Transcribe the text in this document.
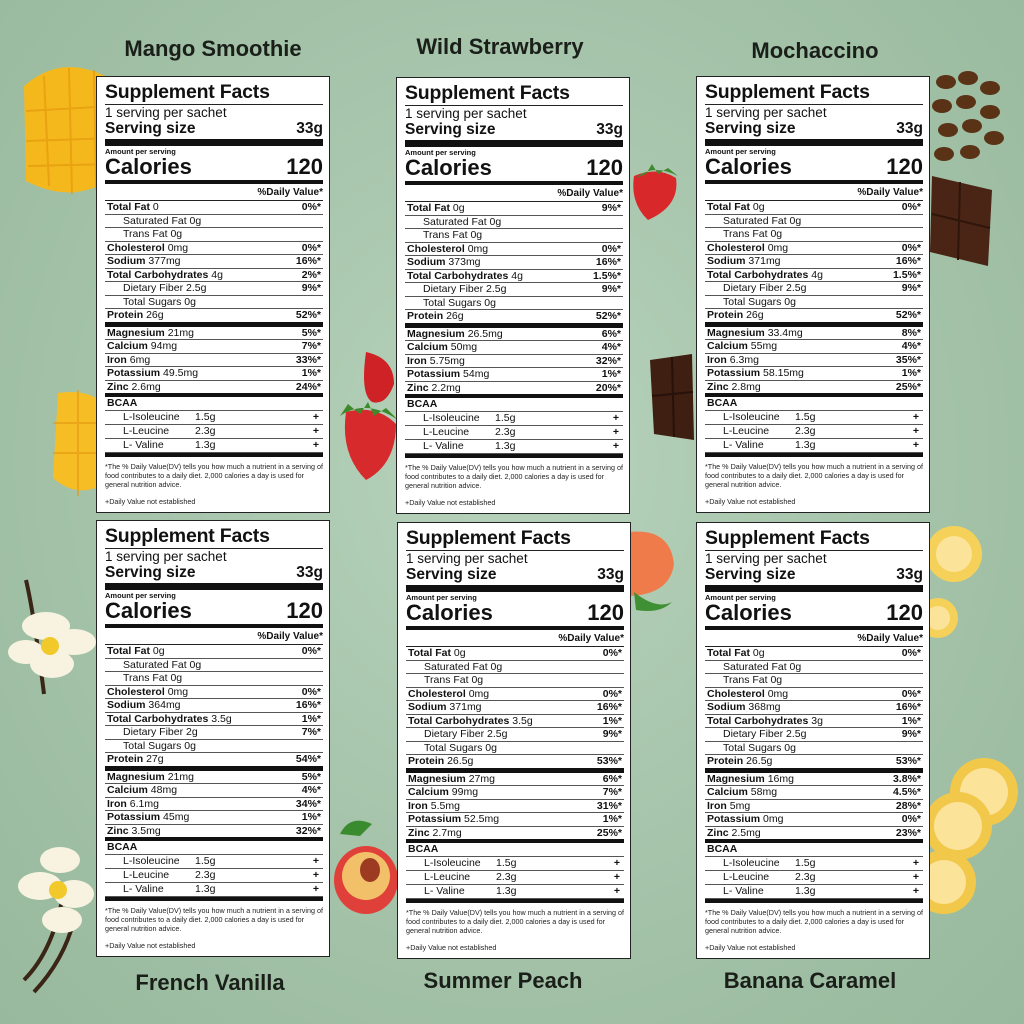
Mango Smoothie	Wild Strawberry	Mochaccino
French Vanilla	Summer Peach	Banana Caramel
Supplement Facts
1 serving per sachet
Serving size	33g
Amount per serving
Calories	120
%Daily Value*
Total Fat 0	0%*
Saturated Fat 0g
Trans Fat 0g
Cholesterol 0mg	0%*
Sodium 377mg	16%*
Total Carbohydrates 4g	2%*
Dietary Fiber 2.5g	9%*
Total Sugars 0g
Protein 26g	52%*
Magnesium 21mg	5%*
Calcium 94mg	7%*
Iron 6mg	33%*
Potassium 49.5mg	1%*
Zinc 2.6mg	24%*
BCAA
L-Isoleucine	1.5g	+
L-Leucine	2.3g	+
L- Valine	1.3g	+
*The % Daily Value(DV) tells you how much a nutrient in a serving of food contributes to a daily diet. 2,000 calories a day is used for general nutrition advice.
+Daily Value not established
Supplement Facts
1 serving per sachet
Serving size	33g
Amount per serving
Calories	120
%Daily Value*
Total Fat 0g	9%*
Saturated Fat 0g
Trans Fat 0g
Cholesterol 0mg	0%*
Sodium 373mg	16%*
Total Carbohydrates 4g	1.5%*
Dietary Fiber 2.5g	9%*
Total Sugars 0g
Protein 26g	52%*
Magnesium 26.5mg	6%*
Calcium 50mg	4%*
Iron 5.75mg	32%*
Potassium 54mg	1%*
Zinc 2.2mg	20%*
BCAA
L-Isoleucine	1.5g	+
L-Leucine	2.3g	+
L- Valine	1.3g	+
*The % Daily Value(DV) tells you how much a nutrient in a serving of food contributes to a daily diet. 2,000 calories a day is used for general nutrition advice.
+Daily Value not established
Supplement Facts
1 serving per sachet
Serving size	33g
Amount per serving
Calories	120
%Daily Value*
Total Fat 0g	0%*
Saturated Fat 0g
Trans Fat 0g
Cholesterol 0mg	0%*
Sodium 371mg	16%*
Total Carbohydrates 4g	1.5%*
Dietary Fiber 2.5g	9%*
Total Sugars 0g
Protein 26g	52%*
Magnesium 33.4mg	8%*
Calcium 55mg	4%*
Iron 6.3mg	35%*
Potassium 58.15mg	1%*
Zinc 2.8mg	25%*
BCAA
L-Isoleucine	1.5g	+
L-Leucine	2.3g	+
L- Valine	1.3g	+
*The % Daily Value(DV) tells you how much a nutrient in a serving of food contributes to a daily diet. 2,000 calories a day is used for general nutrition advice.
+Daily Value not established
Supplement Facts
1 serving per sachet
Serving size	33g
Amount per serving
Calories	120
%Daily Value*
Total Fat 0g	0%*
Saturated Fat 0g
Trans Fat 0g
Cholesterol 0mg	0%*
Sodium 364mg	16%*
Total Carbohydrates 3.5g	1%*
Dietary Fiber 2g	7%*
Total Sugars 0g
Protein 27g	54%*
Magnesium 21mg	5%*
Calcium 48mg	4%*
Iron 6.1mg	34%*
Potassium 45mg	1%*
Zinc 3.5mg	32%*
BCAA
L-Isoleucine	1.5g	+
L-Leucine	2.3g	+
L- Valine	1.3g	+
*The % Daily Value(DV) tells you how much a nutrient in a serving of food contributes to a daily diet. 2,000 calories a day is used for general nutrition advice.
+Daily Value not established
Supplement Facts
1 serving per sachet
Serving size	33g
Amount per serving
Calories	120
%Daily Value*
Total Fat 0g	0%*
Saturated Fat 0g
Trans Fat 0g
Cholesterol 0mg	0%*
Sodium 371mg	16%*
Total Carbohydrates 3.5g	1%*
Dietary Fiber 2.5g	9%*
Total Sugars 0g
Protein 26.5g	53%*
Magnesium 27mg	6%*
Calcium 99mg	7%*
Iron 5.5mg	31%*
Potassium 52.5mg	1%*
Zinc 2.7mg	25%*
BCAA
L-Isoleucine	1.5g	+
L-Leucine	2.3g	+
L- Valine	1.3g	+
*The % Daily Value(DV) tells you how much a nutrient in a serving of food contributes to a daily diet. 2,000 calories a day is used for general nutrition advice.
+Daily Value not established
Supplement Facts
1 serving per sachet
Serving size	33g
Amount per serving
Calories	120
%Daily Value*
Total Fat 0g	0%*
Saturated Fat 0g
Trans Fat 0g
Cholesterol 0mg	0%*
Sodium 368mg	16%*
Total Carbohydrates 3g	1%*
Dietary Fiber 2.5g	9%*
Total Sugars 0g
Protein 26.5g	53%*
Magnesium 16mg	3.8%*
Calcium 58mg	4.5%*
Iron 5mg	28%*
Potassium 0mg	0%*
Zinc 2.5mg	23%*
BCAA
L-Isoleucine	1.5g	+
L-Leucine	2.3g	+
L- Valine	1.3g	+
*The % Daily Value(DV) tells you how much a nutrient in a serving of food contributes to a daily diet. 2,000 calories a day is used for general nutrition advice.
+Daily Value not established
